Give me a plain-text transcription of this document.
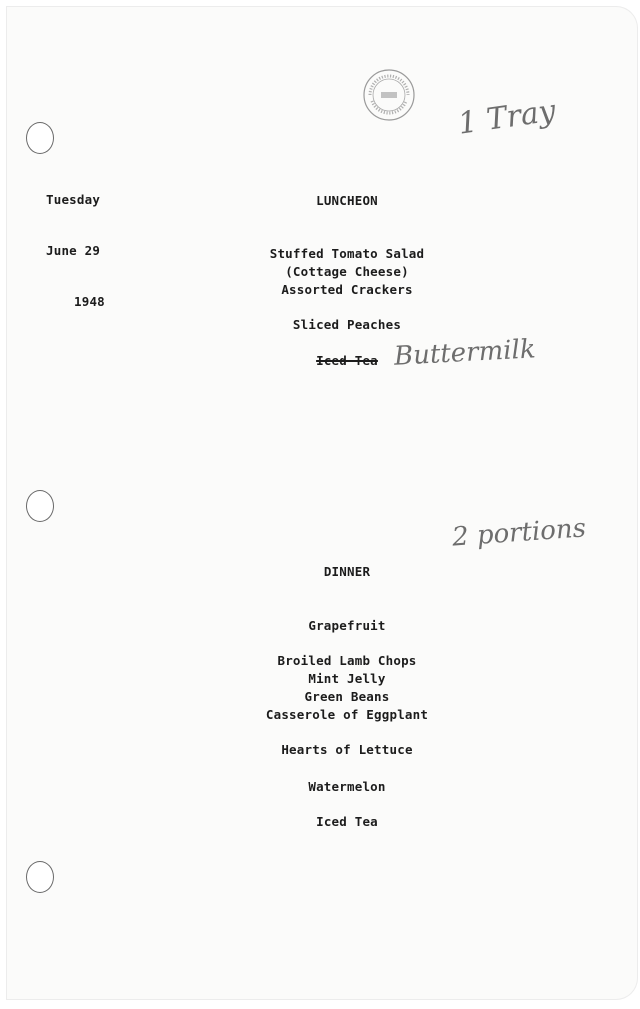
Tuesday

June 29

1948

LUNCHEON
Stuffed Tomato Salad
(Cottage Cheese)
Assorted Crackers
Sliced Peaches
Iced Tea
DINNER
Grapefruit
Broiled Lamb Chops
Mint Jelly
Green Beans
Casserole of Eggplant
Hearts of Lettuce
Watermelon
Iced Tea
1 Tray
Buttermilk
2 portions
